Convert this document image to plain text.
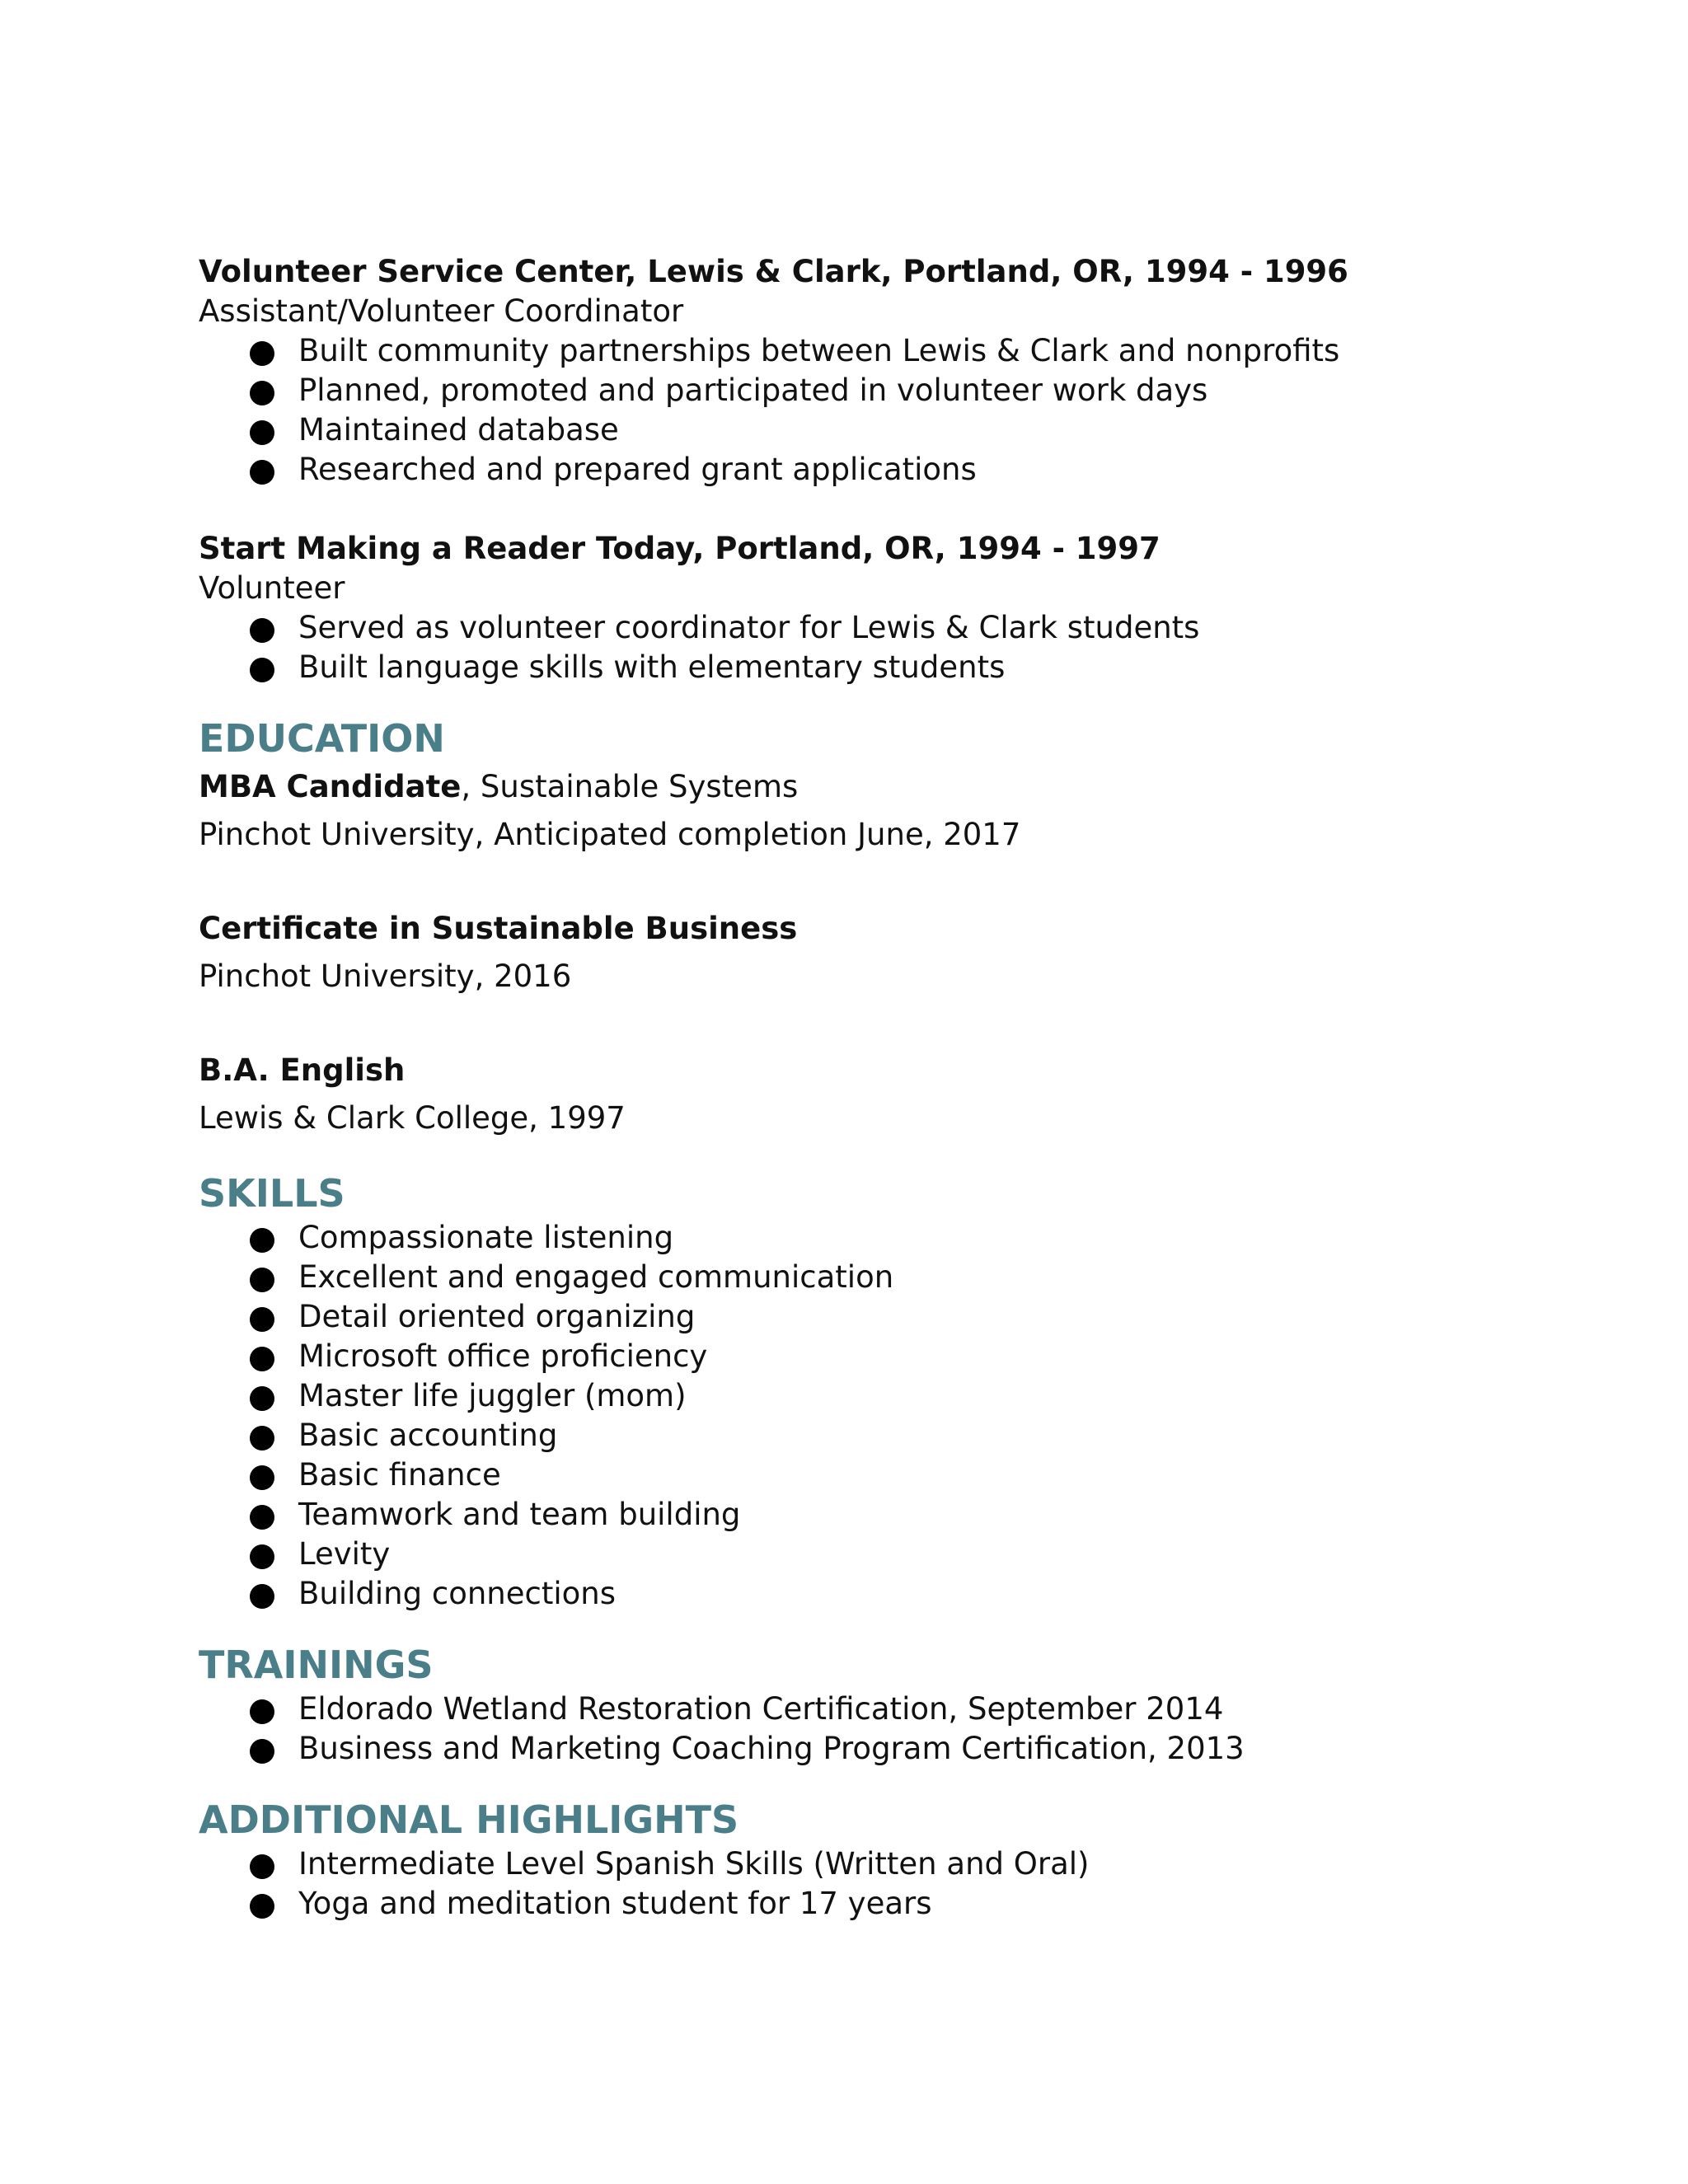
Volunteer Service Center, Lewis & Clark, Portland, OR, 1994 - 1996
Assistant/Volunteer Coordinator
Built community partnerships between Lewis & Clark and nonprofits
Planned, promoted and participated in volunteer work days
Maintained database
Researched and prepared grant applications
Start Making a Reader Today, Portland, OR, 1994 - 1997
Volunteer
Served as volunteer coordinator for Lewis & Clark students
Built language skills with elementary students
EDUCATION
MBA Candidate, Sustainable Systems
Pinchot University, Anticipated completion June, 2017
Certificate in Sustainable Business
Pinchot University, 2016
B.A. English
Lewis & Clark College, 1997
SKILLS
Compassionate listening
Excellent and engaged communication
Detail oriented organizing
Microsoft office proficiency
Master life juggler (mom)
Basic accounting
Basic finance
Teamwork and team building
Levity
Building connections
TRAININGS
Eldorado Wetland Restoration Certification, September 2014
Business and Marketing Coaching Program Certification, 2013
ADDITIONAL HIGHLIGHTS
Intermediate Level Spanish Skills (Written and Oral)
Yoga and meditation student for 17 years
